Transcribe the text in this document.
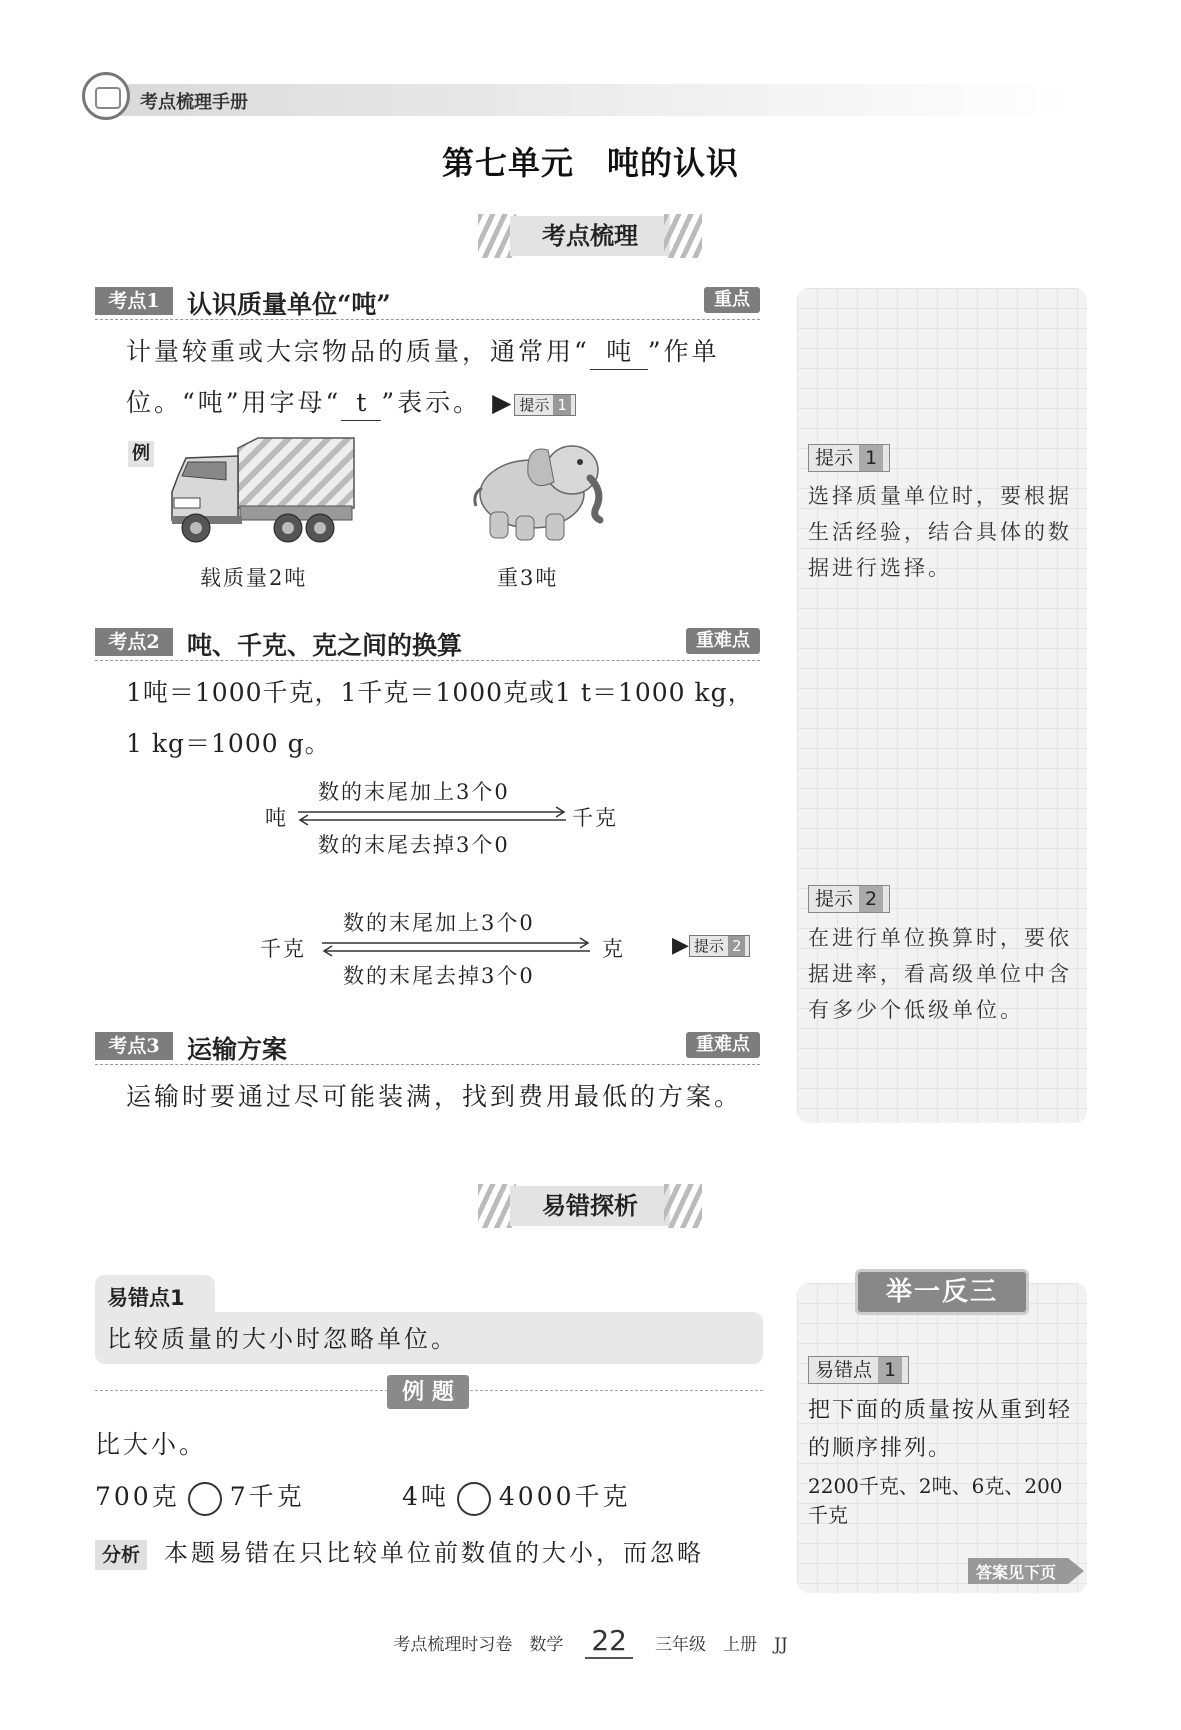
考点梳理手册
第七单元　吨的认识
考点梳理
考点1	认识质量单位“吨”	重点
计量较重或大宗物品的质量，通常用“ 吨 ”作单
位。“吨”用字母“ t ”表示。 ▶ 提示 1
例
载质量2吨	重3吨
考点2	吨、千克、克之间的换算	重难点
1吨＝1000千克，1千克＝1000克或1 t＝1000 kg，
1 kg＝1000 g。
数的末尾加上3个0
吨	千克
数的末尾去掉3个0
数的末尾加上3个0
千克	克
数的末尾去掉3个0
▶ 提示 2
考点3	运输方案	重难点
运输时要通过尽可能装满，找到费用最低的方案。
提示 1
选择质量单位时，要根据生活经验，结合具体的数据进行选择。
提示 2
在进行单位换算时，要依据进率，看高级单位中含有多少个低级单位。
易错探析
易错点1
比较质量的大小时忽略单位。
例 题
比大小。
700克 7千克	4吨 4000千克
分析 本题易错在只比较单位前数值的大小，而忽略
举一反三
易错点 1
把下面的质量按从重到轻的顺序排列。
2200千克、2吨、6克、200千克
答案见下页
考点梳理时习卷　数学 22 三年级　上册　JJ
